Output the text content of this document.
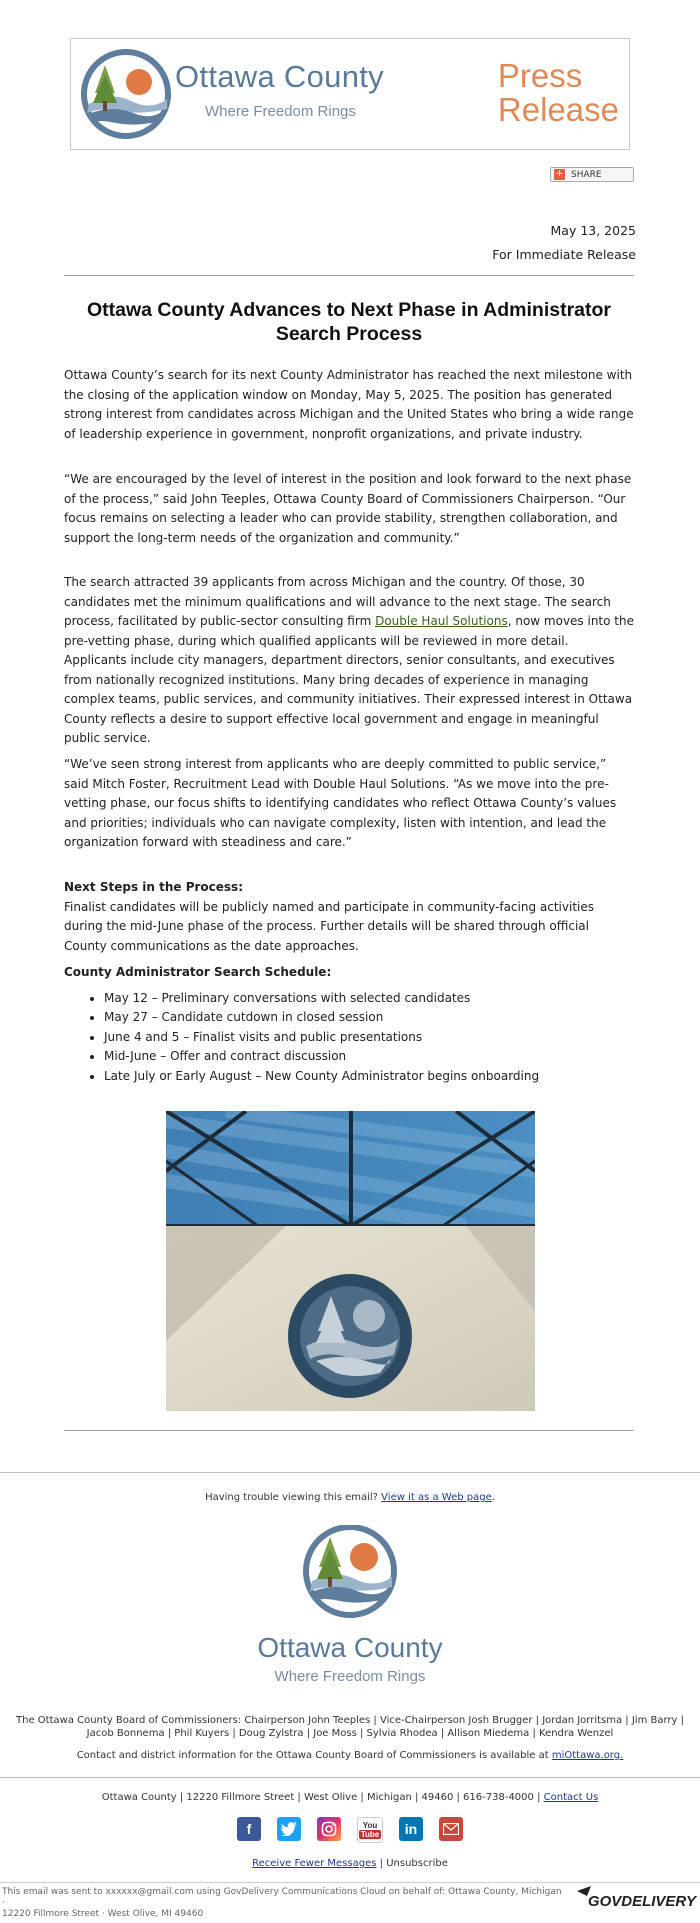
Ottawa County
Where Freedom Rings
Press
Release
+ SHARE
May 13, 2025
For Immediate Release
Ottawa County Advances to Next Phase in Administrator Search Process

Ottawa County’s search for its next County Administrator has reached the next milestone with the closing of the application window on Monday, May 5, 2025. The position has generated strong interest from candidates across Michigan and the United States who bring a wide range of leadership experience in government, nonprofit organizations, and private industry.

“We are encouraged by the level of interest in the position and look forward to the next phase of the process,” said John Teeples, Ottawa County Board of Commissioners Chairperson. “Our focus remains on selecting a leader who can provide stability, strengthen collaboration, and support the long-term needs of the organization and community.”

The search attracted 39 applicants from across Michigan and the country. Of those, 30 candidates met the minimum qualifications and will advance to the next stage. The search process, facilitated by public-sector consulting firm Double Haul Solutions, now moves into the pre-vetting phase, during which qualified applicants will be reviewed in more detail. Applicants include city managers, department directors, senior consultants, and executives from nationally recognized institutions. Many bring decades of experience in managing complex teams, public services, and community initiatives. Their expressed interest in Ottawa County reflects a desire to support effective local government and engage in meaningful public service.

“We’ve seen strong interest from applicants who are deeply committed to public service,” said Mitch Foster, Recruitment Lead with Double Haul Solutions. “As we move into the pre-vetting phase, our focus shifts to identifying candidates who reflect Ottawa County’s values and priorities; individuals who can navigate complexity, listen with intention, and lead the organization forward with steadiness and care.”

Next Steps in the Process:

Finalist candidates will be publicly named and participate in community-facing activities during the mid-June phase of the process. Further details will be shared through official County communications as the date approaches.

County Administrator Search Schedule:

• May 12 – Preliminary conversations with selected candidates
• May 27 – Candidate cutdown in closed session
• June 4 and 5 – Finalist visits and public presentations
• Mid-June – Offer and contract discussion
• Late July or Early August – New County Administrator begins onboarding
Having trouble viewing this email? View it as a Web page.
Ottawa County
Where Freedom Rings
The Ottawa County Board of Commissioners: Chairperson John Teeples | Vice-Chairperson Josh Brugger | Jordan Jorritsma | Jim Barry |
Jacob Bonnema | Phil Kuyers | Doug Zylstra | Joe Moss | Sylvia Rhodea | Allison Miedema | Kendra Wenzel
Contact and district information for the Ottawa County Board of Commissioners is available at miOttawa.org.
Ottawa County | 12220 Fillmore Street | West Olive | Michigan | 49460 | 616-738-4000 | Contact Us
f	You
Tube	in
Receive Fewer Messages | Unsubscribe
This email was sent to xxxxxx@gmail.com using GovDelivery Communications Cloud on behalf of: Ottawa County, Michigan ·
12220 Fillmore Street · West Olive, MI 49460
GOVDELIVERY
